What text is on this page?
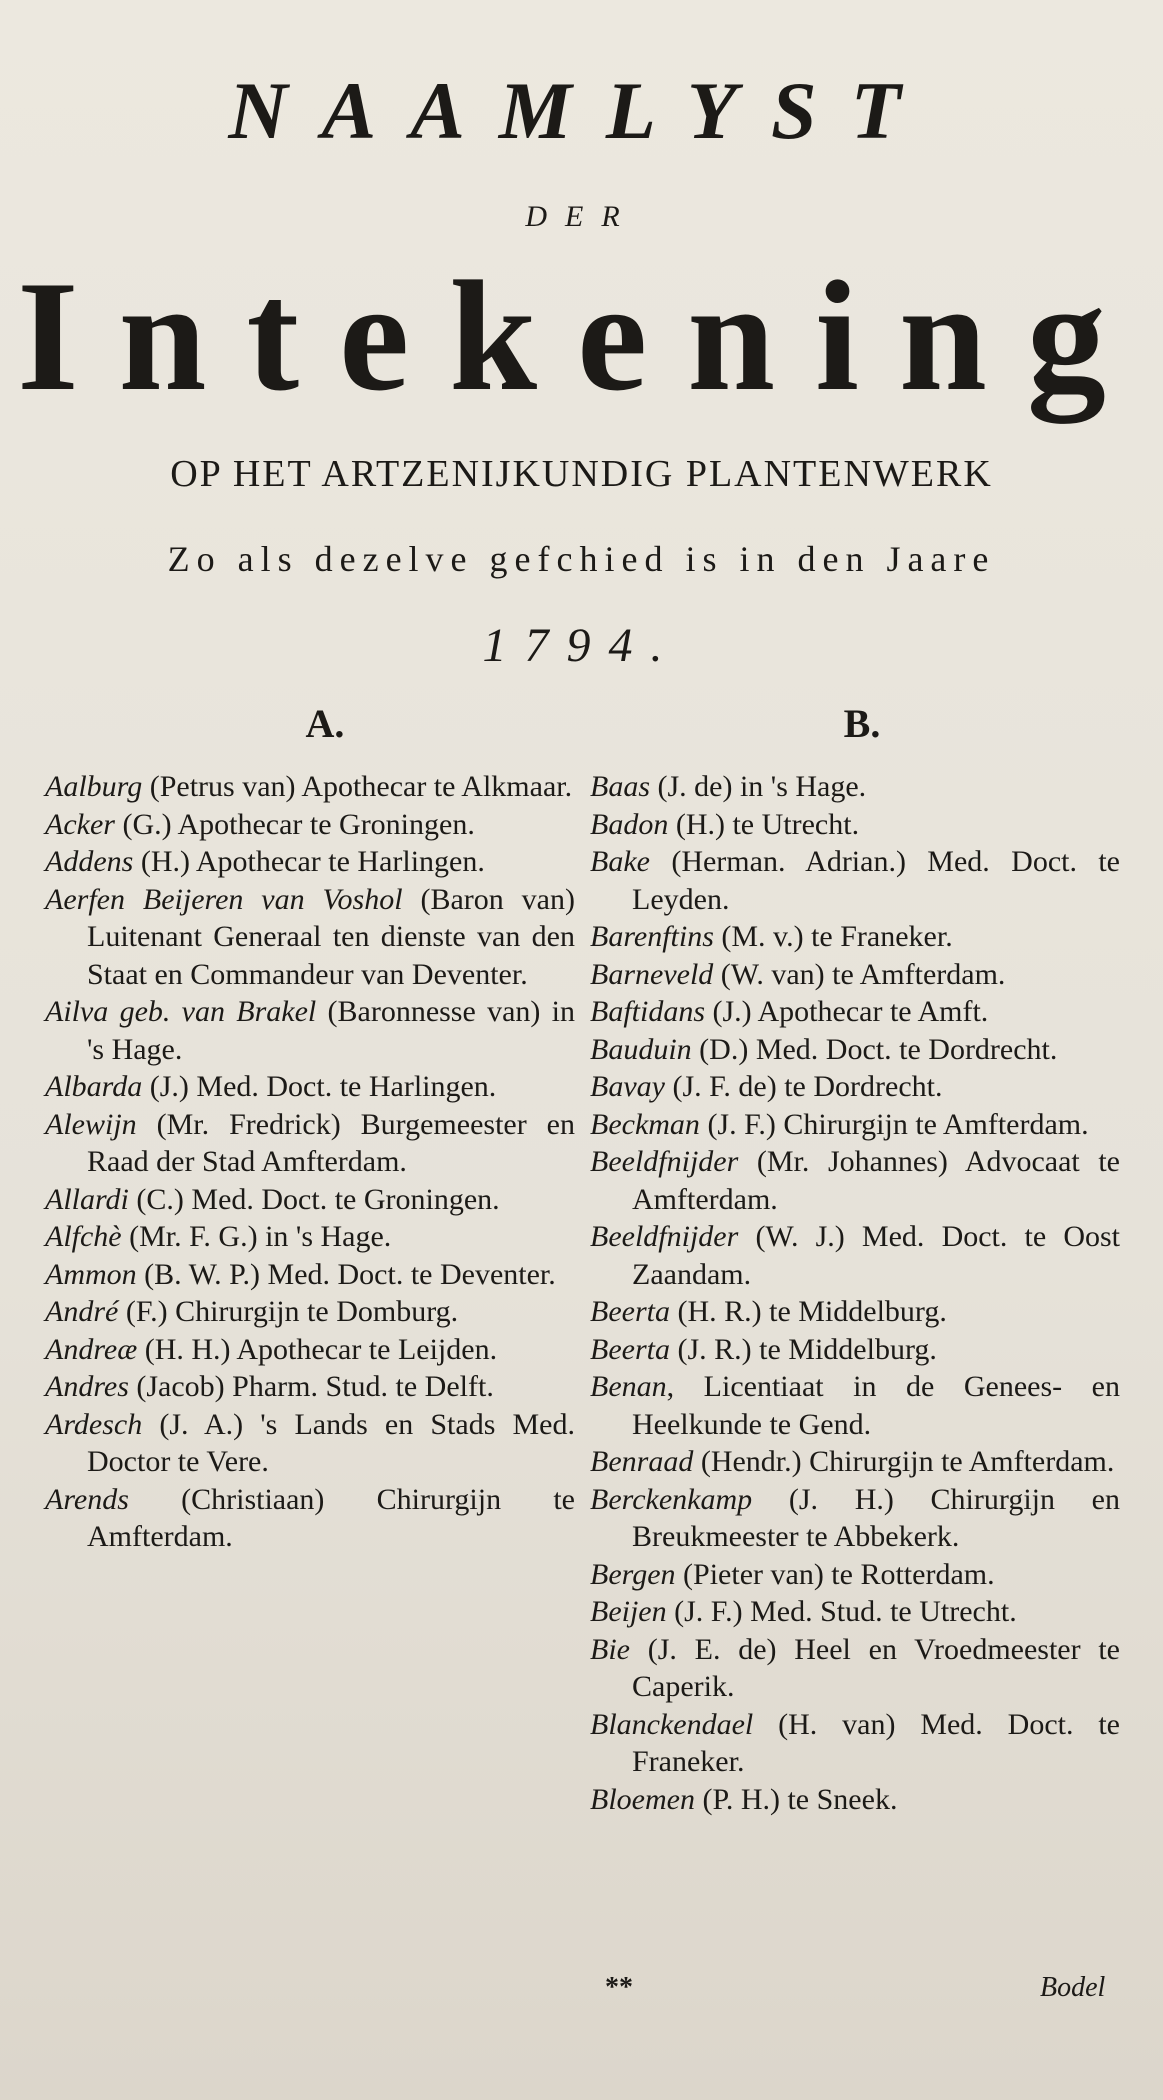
NAAMLYST
DER
Intekening
OP HET ARTZENIJKUNDIG PLANTENWERK
Zo als dezelve gefchied is in den Jaare
1794.
A.	B.

Aalburg (Petrus van) Apothecar te Alkmaar.

Acker (G.) Apothecar te Groningen.

Addens (H.) Apothecar te Harlingen.

Aerfen Beijeren van Voshol (Baron van) Luitenant Generaal ten dienste van den Staat en Commandeur van Deventer.

Ailva geb. van Brakel (Baronnesse van) in 's Hage.

Albarda (J.) Med. Doct. te Harlingen.

Alewijn (Mr. Fredrick) Burgemeester en Raad der Stad Amfterdam.

Allardi (C.) Med. Doct. te Groningen.

Alfchè (Mr. F. G.) in 's Hage.

Ammon (B. W. P.) Med. Doct. te Deventer.

André (F.) Chirurgijn te Domburg.

Andreæ (H. H.) Apothecar te Leijden.

Andres (Jacob) Pharm. Stud. te Delft.

Ardesch (J. A.) 's Lands en Stads Med. Doctor te Vere.

Arends (Christiaan) Chirurgijn te Amfterdam.

Baas (J. de) in 's Hage.

Badon (H.) te Utrecht.

Bake (Herman. Adrian.) Med. Doct. te Leyden.

Barenftins (M. v.) te Franeker.

Barneveld (W. van) te Amfterdam.

Baftidans (J.) Apothecar te Amft.

Bauduin (D.) Med. Doct. te Dordrecht.

Bavay (J. F. de) te Dordrecht.

Beckman (J. F.) Chirurgijn te Amfterdam.

Beeldfnijder (Mr. Johannes) Advocaat te Amfterdam.

Beeldfnijder (W. J.) Med. Doct. te Oost Zaandam.

Beerta (H. R.) te Middelburg.

Beerta (J. R.) te Middelburg.

Benan, Licentiaat in de Genees- en Heelkunde te Gend.

Benraad (Hendr.) Chirurgijn te Amfterdam.

Berckenkamp (J. H.) Chirurgijn en Breukmeester te Abbekerk.

Bergen (Pieter van) te Rotterdam.

Beijen (J. F.) Med. Stud. te Utrecht.

Bie (J. E. de) Heel en Vroedmeester te Caperik.

Blanckendael (H. van) Med. Doct. te Franeker.

Bloemen (P. H.) te Sneek.

**	Bodel
